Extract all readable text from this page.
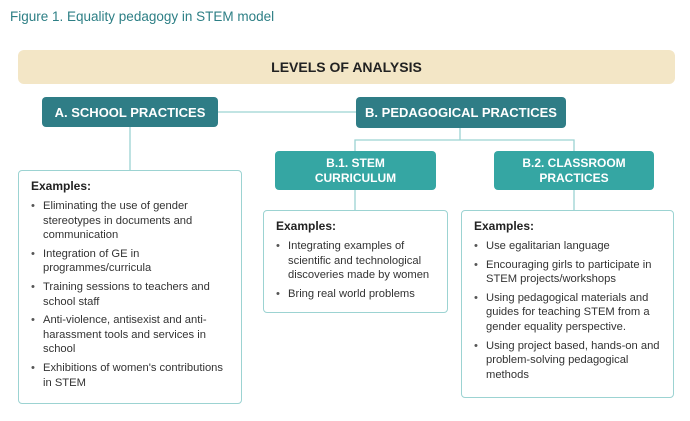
Figure 1. Equality pedagogy in STEM model
LEVELS OF ANALYSIS
A. SCHOOL PRACTICES	B. PEDAGOGICAL PRACTICES
B.1. STEM CURRICULUM
B.2. CLASSROOM PRACTICES
Examples:
• Eliminating the use of gender stereotypes in documents and communication
• Integration of GE in programmes/curricula
• Training sessions to teachers and school staff
• Anti-violence, antisexist and anti-harassment tools and services in school
• Exhibitions of women's contributions in STEM
Examples:
• Integrating examples of scientific and technological discoveries made by women
• Bring real world problems
Examples:
• Use egalitarian language
• Encouraging girls to participate in STEM projects/workshops
• Using pedagogical materials and guides for teaching STEM from a gender equality perspective.
• Using project based, hands-on and problem-solving pedagogical methods
